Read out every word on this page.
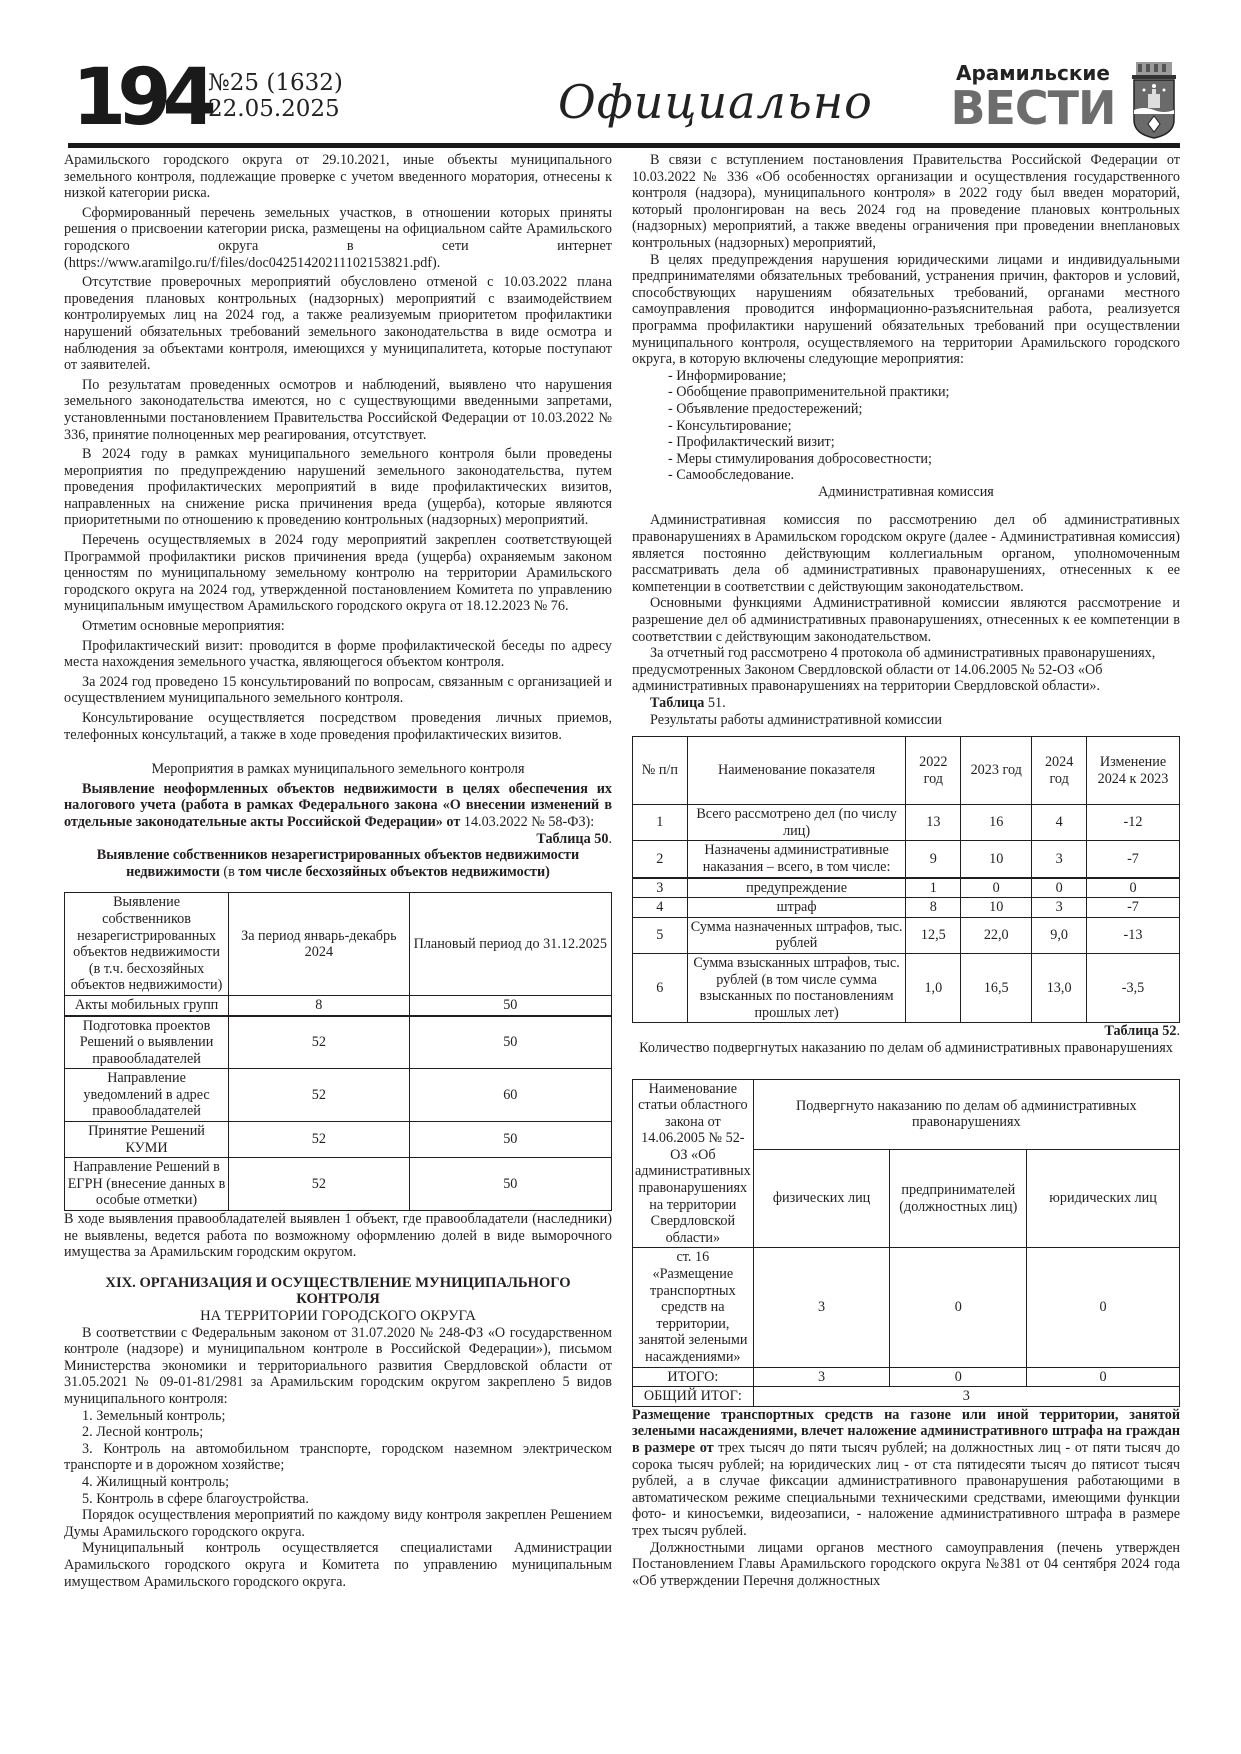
194 №25 (1632)
22.05.2025	Официально
Арамильские
ВЕСТИ

Арамильского городского округа от 29.10.2021, иные объекты муниципального земельного контроля, подлежащие проверке с учетом введенного моратория, отнесены к низкой категории риска.

Сформированный перечень земельных участков, в отношении которых приняты решения о присвоении категории риска, размещены на официальном сайте Арамильского городского округа в сети интернет (https://www.aramilgo.ru/f/files/doc04251420211102153821.pdf).

Отсутствие проверочных мероприятий обусловлено отменой с 10.03.2022 плана проведения плановых контрольных (надзорных) мероприятий с взаимодействием контролируемых лиц на 2024 год, а также реализуемым приоритетом профилактики нарушений обязательных требований земельного законодательства в виде осмотра и наблюдения за объектами контроля, имеющихся у муниципалитета, которые поступают от заявителей.

По результатам проведенных осмотров и наблюдений, выявлено что нарушения земельного законодательства имеются, но с существующими введенными запретами, установленными постановлением Правительства Российской Федерации от 10.03.2022 № 336, принятие полноценных мер реагирования, отсутствует.

В 2024 году в рамках муниципального земельного контроля были проведены мероприятия по предупреждению нарушений земельного законодательства, путем проведения профилактических мероприятий в виде профилактических визитов, направленных на снижение риска причинения вреда (ущерба), которые являются приоритетными по отношению к проведению контрольных (надзорных) мероприятий.

Перечень осуществляемых в 2024 году мероприятий закреплен соответствующей Программой профилактики рисков причинения вреда (ущерба) охраняемым законом ценностям по муниципальному земельному контролю на территории Арамильского городского округа на 2024 год, утвержденной постановлением Комитета по управлению муниципальным имуществом Арамильского городского округа от 18.12.2023 № 76.

Отметим основные мероприятия:

Профилактический визит: проводится в форме профилактической беседы по адресу места нахождения земельного участка, являющегося объектом контроля.

За 2024 год проведено 15 консультирований по вопросам, связанным с организацией и осуществлением муниципального земельного контроля.

Консультирование осуществляется посредством проведения личных приемов, телефонных консультаций, а также в ходе проведения профилактических визитов.

Мероприятия в рамках муниципального земельного контроля

Выявление неоформленных объектов недвижимости в целях обеспечения их налогового учета (работа в рамках Федерального закона «О внесении изменений в отдельные законодательные акты Российской Федерации» от 14.03.2022 № 58-ФЗ):

Таблица 50.

Выявление собственников незарегистрированных объектов недвижимости
недвижимости (в том числе бесхозяйных объектов недвижимости)

Выявление собственников незарегистрированных объектов недвижимости (в т.ч. бесхозяйных объектов недвижимости)	За период январь-декабрь 2024	Плановый период до 31.12.2025
Акты мобильных групп	8	50
Подготовка проектов Решений о выявлении правообладателей	52	50
Направление уведомлений в адрес правообладателей	52	60
Принятие Решений КУМИ	52	50
Направление Решений в ЕГРН (внесение данных в особые отметки)	52	50

В ходе выявления правообладателей выявлен 1 объект, где правообладатели (наследники) не выявлены, ведется работа по возможному оформлению долей в виде выморочного имущества за Арамильским городским округом.

XIX. ОРГАНИЗАЦИЯ И ОСУЩЕСТВЛЕНИЕ МУНИЦИПАЛЬНОГО КОНТРОЛЯ

НА ТЕРРИТОРИИ ГОРОДСКОГО ОКРУГА

В соответствии с Федеральным законом от 31.07.2020 № 248-ФЗ «О государственном контроле (надзоре) и муниципальном контроле в Российской Федерации»), письмом Министерства экономики и территориального развития Свердловской области от 31.05.2021 № 09-01-81/2981 за Арамильским городским округом закреплено 5 видов муниципального контроля:

1. Земельный контроль;

2. Лесной контроль;

3. Контроль на автомобильном транспорте, городском наземном электрическом транспорте и в дорожном хозяйстве;

4. Жилищный контроль;

5. Контроль в сфере благоустройства.

Порядок осуществления мероприятий по каждому виду контроля закреплен Решением Думы Арамильского городского округа.

Муниципальный контроль осуществляется специалистами Администрации Арамильского городского округа и Комитета по управлению муниципальным имуществом Арамильского городского округа.

В связи с вступлением постановления Правительства Российской Федерации от 10.03.2022 № 336 «Об особенностях организации и осуществления государственного контроля (надзора), муниципального контроля» в 2022 году был введен мораторий, который пролонгирован на весь 2024 год на проведение плановых контрольных (надзорных) мероприятий, а также введены ограничения при проведении внеплановых контрольных (надзорных) мероприятий,

В целях предупреждения нарушения юридическими лицами и индивидуальными предпринимателями обязательных требований, устранения причин, факторов и условий, способствующих нарушениям обязательных требований, органами местного самоуправления проводится информационно-разъяснительная работа, реализуется программа профилактики нарушений обязательных требований при осуществлении муниципального контроля, осуществляемого на территории Арамильского городского округа, в которую включены следующие мероприятия:

- Информирование;

- Обобщение правоприменительной практики;

- Объявление предостережений;

- Консультирование;

- Профилактический визит;

- Меры стимулирования добросовестности;

- Самообследование.

Административная комиссия

Административная комиссия по рассмотрению дел об административных правонарушениях в Арамильском городском округе (далее - Административная комиссия) является постоянно действующим коллегиальным органом, уполномоченным рассматривать дела об административных правонарушениях, отнесенных к ее компетенции в соответствии с действующим законодательством.

Основными функциями Административной комиссии являются рассмотрение и разрешение дел об административных правонарушениях, отнесенных к ее компетенции в соответствии с действующим законодательством.

За отчетный год рассмотрено 4 протокола об административных правонарушениях, предусмотренных Законом Свердловской области от 14.06.2005 № 52-ОЗ «Об административных правонарушениях на территории Свердловской области».

Таблица 51.

Результаты работы административной комиссии

№ п/п	Наименование показателя	2022 год	2023 год	2024 год	Изменение 2024 к 2023
1	Всего рассмотрено дел (по числу лиц)	13	16	4	-12
2	Назначены административные наказания – всего, в том числе:	9	10	3	-7
3	предупреждение	1	0	0	0
4	штраф	8	10	3	-7
5	Сумма назначенных штрафов, тыс. рублей	12,5	22,0	9,0	-13
6	Сумма взысканных штрафов, тыс. рублей (в том числе сумма взысканных по постановлениям прошлых лет)	1,0	16,5	13,0	-3,5

Таблица 52.

Количество подвергнутых наказанию по делам об административных правонарушениях

Наименование статьи областного закона от 14.06.2005 № 52-ОЗ «Об административных правонарушениях на территории Свердловской области»	Подвергнуто наказанию по делам об административных правонарушениях		
	физических лиц	предпринимателей (должностных лиц)	юридических лиц
ст. 16 «Размещение транспортных средств на территории, занятой зелеными насаждениями»	3	0	0
ИТОГО:	3	0	0
ОБЩИЙ ИТОГ:	3		

Размещение транспортных средств на газоне или иной территории, занятой зелеными насаждениями, влечет наложение административного штрафа на граждан в размере от трех тысяч до пяти тысяч рублей; на должностных лиц - от пяти тысяч до сорока тысяч рублей; на юридических лиц - от ста пятидесяти тысяч до пятисот тысяч рублей, а в случае фиксации административного правонарушения работающими в автоматическом режиме специальными техническими средствами, имеющими функции фото- и киносъемки, видеозаписи, - наложение административного штрафа в размере трех тысяч рублей.

Должностными лицами органов местного самоуправления (печень утвержден Постановлением Главы Арамильского городского округа №381 от 04 сентября 2024 года «Об утверждении Перечня должностных
